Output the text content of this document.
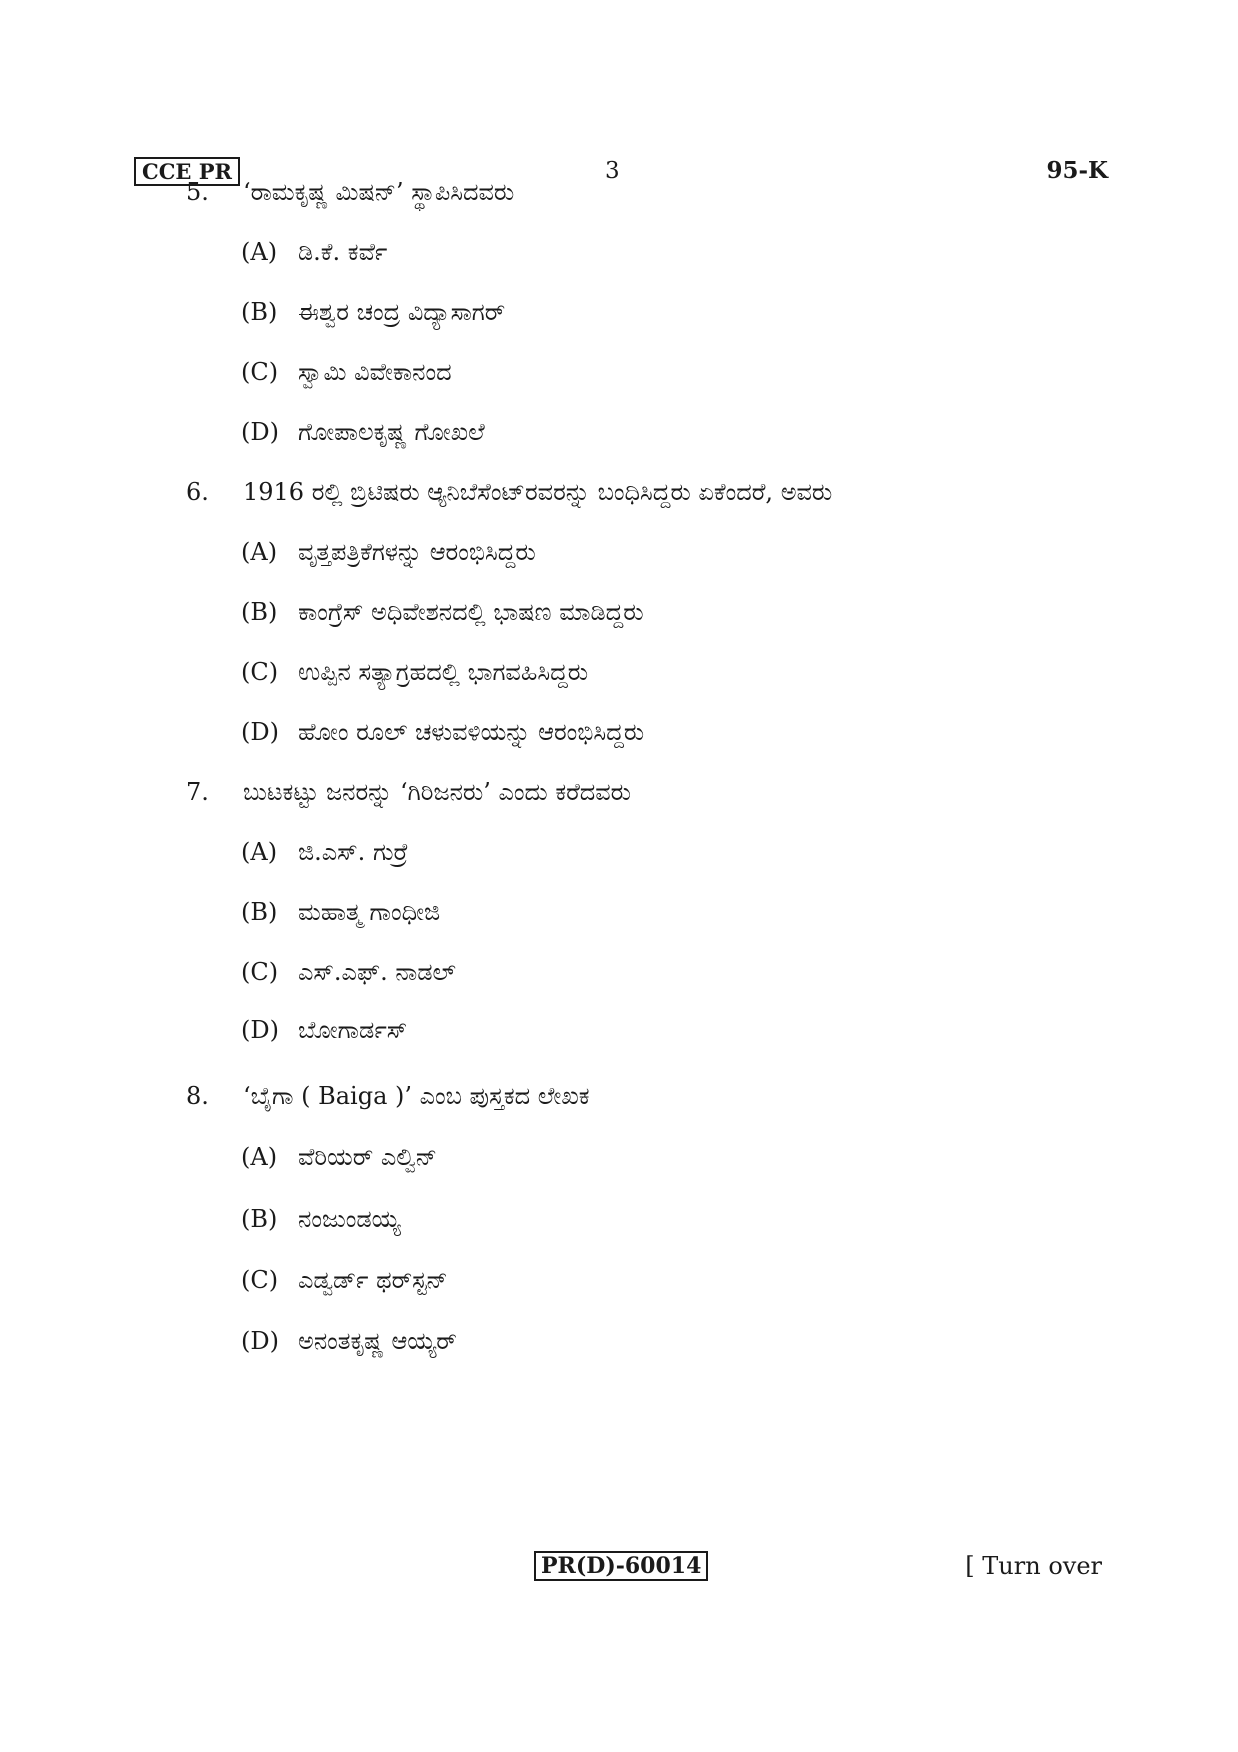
CCE PR	3	95-K
5. ‘ರಾಮಕೃಷ್ಣ ಮಿಷನ್’ ಸ್ಥಾಪಿಸಿದವರು
(A) ಡಿ.ಕೆ. ಕರ್ವೆ
(B) ಈಶ್ವರ ಚಂದ್ರ ವಿದ್ಯಾಸಾಗರ್
(C) ಸ್ವಾಮಿ ವಿವೇಕಾನಂದ
(D) ಗೋಪಾಲಕೃಷ್ಣ ಗೋಖಲೆ
6. 1916 ರಲ್ಲಿ ಬ್ರಿಟಿಷರು ಆ್ಯನಿಬೆಸೆಂಟ್‌ರವರನ್ನು ಬಂಧಿಸಿದ್ದರು ಏಕೆಂದರೆ, ಅವರು
(A) ವೃತ್ತಪತ್ರಿಕೆಗಳನ್ನು ಆರಂಭಿಸಿದ್ದರು
(B) ಕಾಂಗ್ರೆಸ್ ಅಧಿವೇಶನದಲ್ಲಿ ಭಾಷಣ ಮಾಡಿದ್ದರು
(C) ಉಪ್ಪಿನ ಸತ್ಯಾಗ್ರಹದಲ್ಲಿ ಭಾಗವಹಿಸಿದ್ದರು
(D) ಹೋಂ ರೂಲ್ ಚಳುವಳಿಯನ್ನು ಆರಂಭಿಸಿದ್ದರು
7. ಬುಟಕಟ್ಟು ಜನರನ್ನು ‘ಗಿರಿಜನರು’ ಎಂದು ಕರೆದವರು
(A) ಜಿ.ಎಸ್. ಗುರ್ರೆ
(B) ಮಹಾತ್ಮ ಗಾಂಧೀಜಿ
(C) ಎಸ್.ಎಫ್. ನಾಡಲ್
(D) ಬೋಗಾರ್ಡಸ್
8. ‘ಬೈಗಾ ( Baiga )’ ಎಂಬ ಪುಸ್ತಕದ ಲೇಖಕ
(A) ವೆರಿಯರ್ ಎಲ್ವಿನ್
(B) ನಂಜುಂಡಯ್ಯ
(C) ಎಡ್ವರ್ಡ್ ಥರ್‌ಸ್ಟನ್
(D) ಅನಂತಕೃಷ್ಣ ಆಯ್ಯರ್
PR(D)-60014	[ Turn over
